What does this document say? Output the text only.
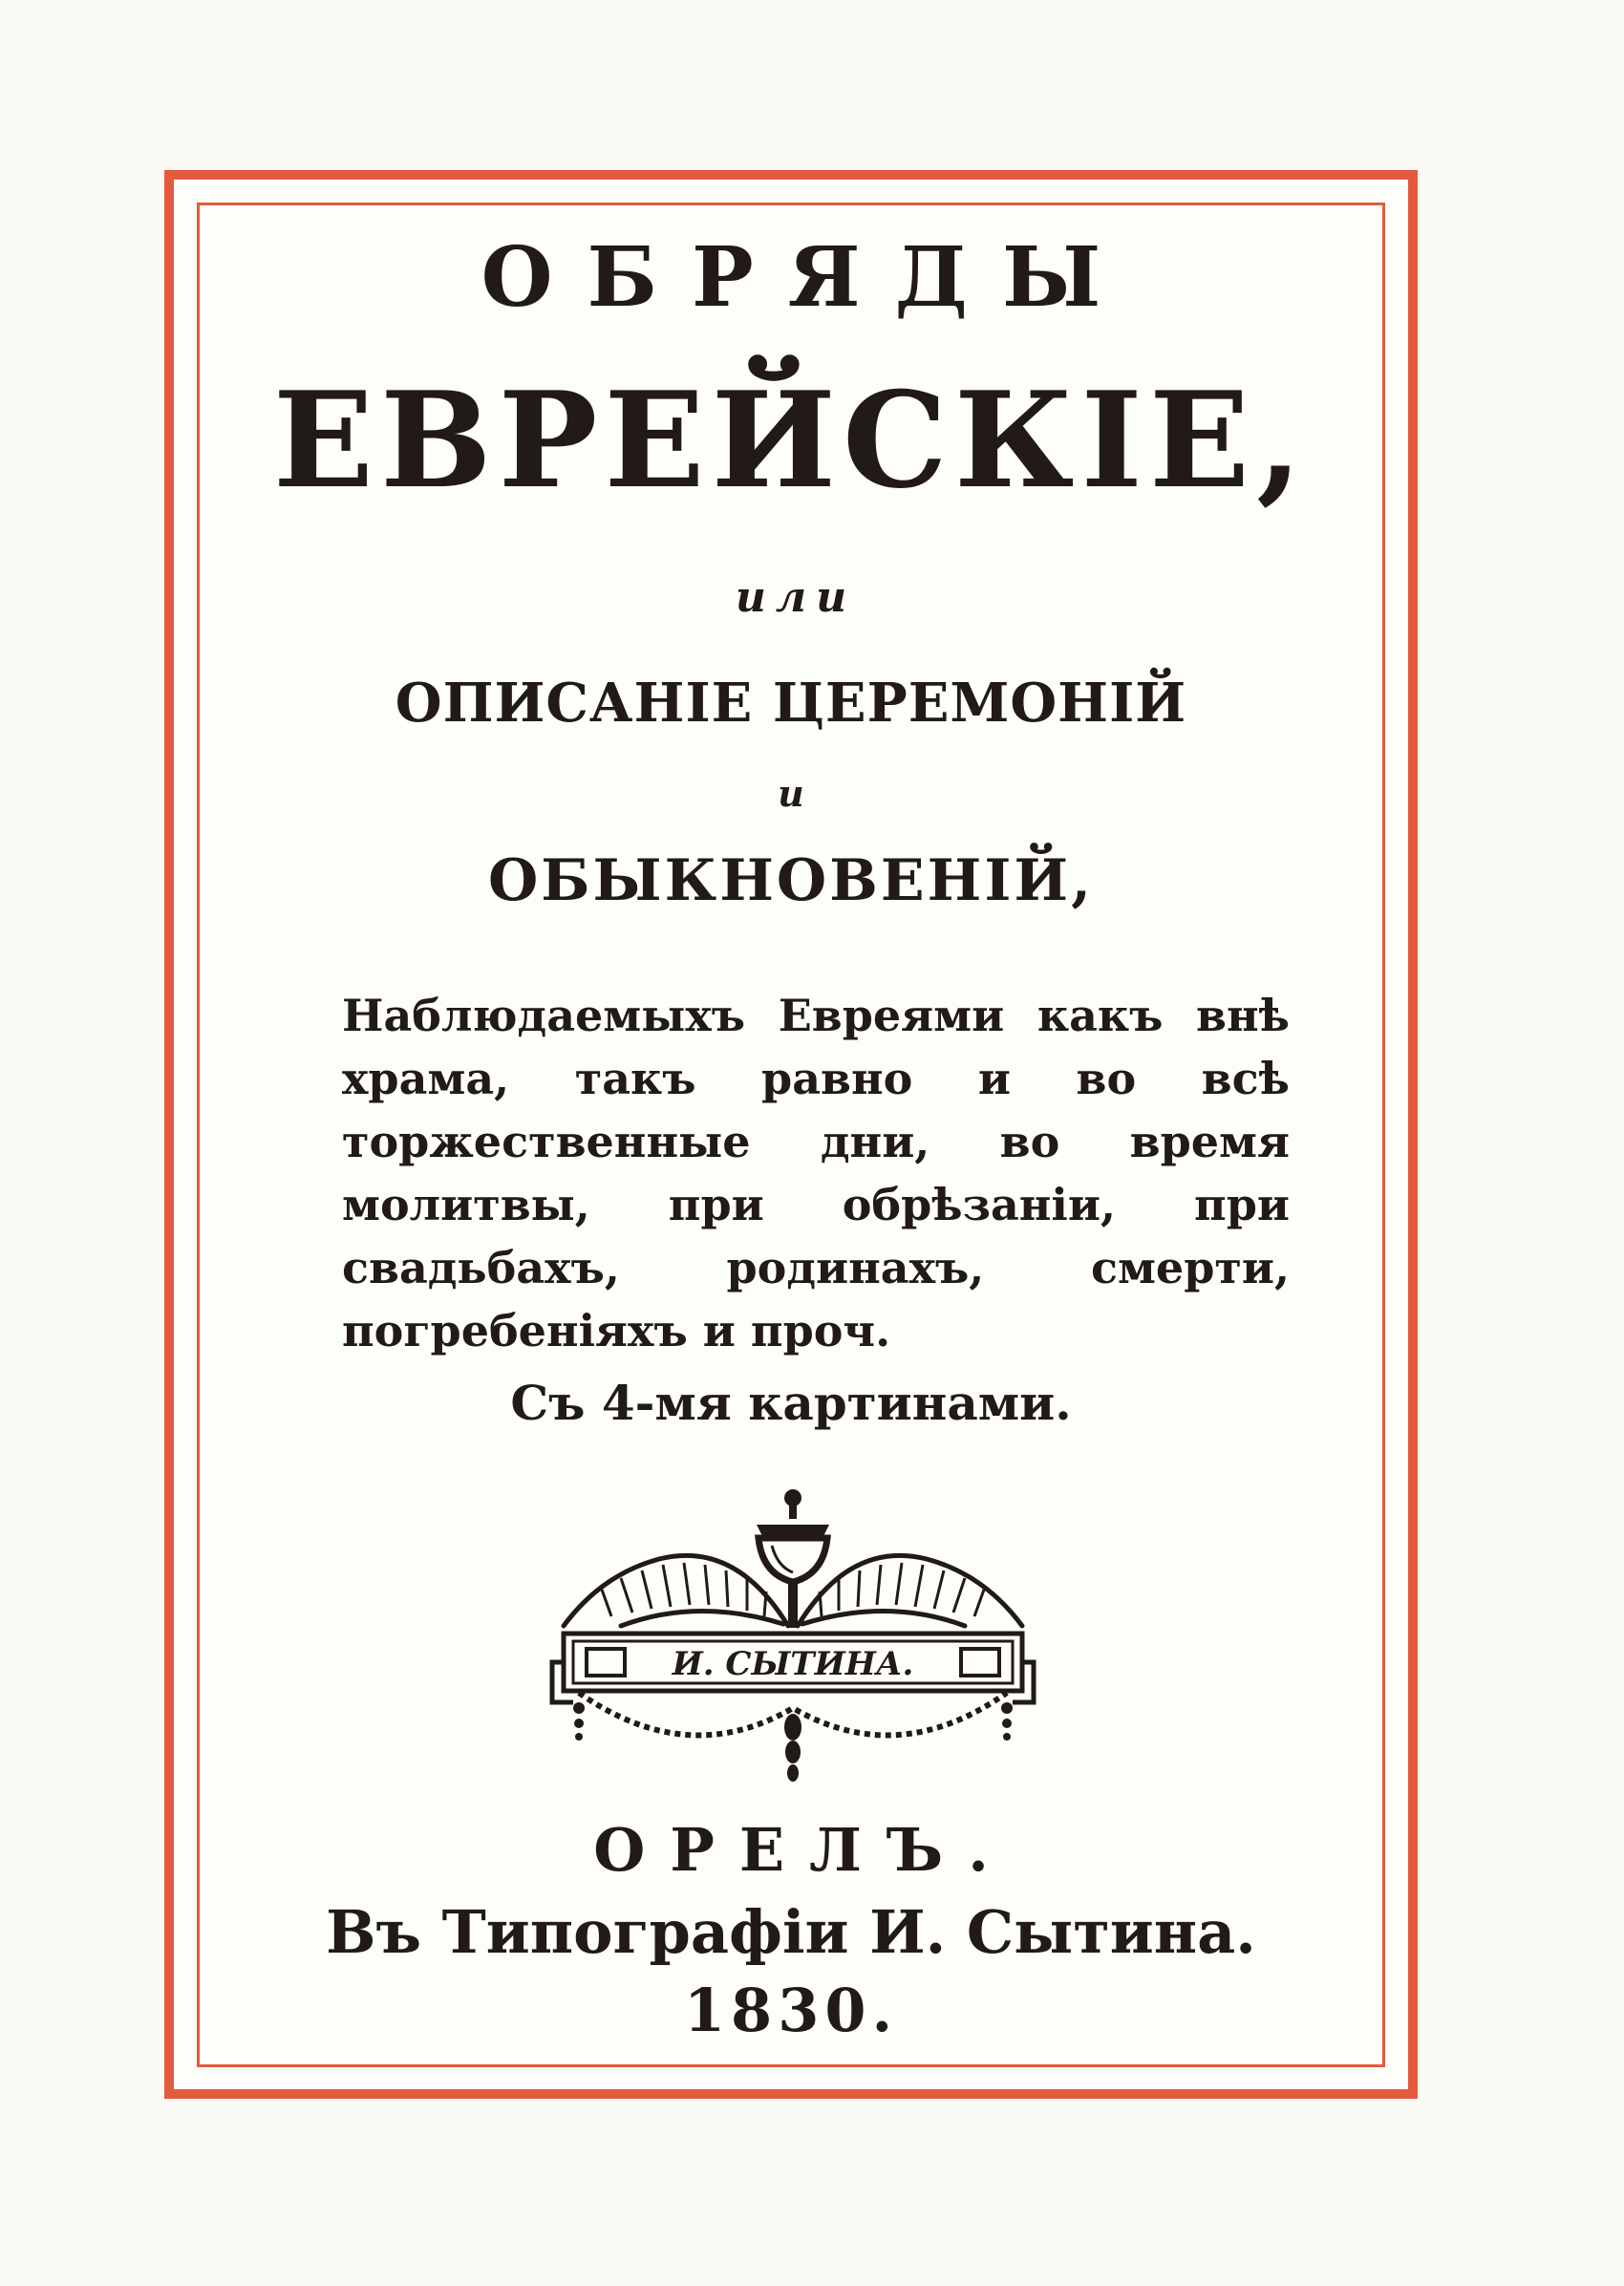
ОБРЯДЫ
ЕВРЕЙСКІЕ,
или
ОПИСАНІЕ ЦЕРЕМОНІЙ
и
ОБЫКНОВЕНІЙ,
Наблюдаемыхъ Евреями какъ внѣ храма, такъ равно и во всѣ торжественные дни, во время молитвы, при обрѣзаніи, при свадьбахъ, родинахъ, смерти, погребеніяхъ и проч.
Съ 4-мя картинами.
И. СЫТИНА.
ОРЕЛЪ.
Въ Типографіи И. Сытина.
1830.
